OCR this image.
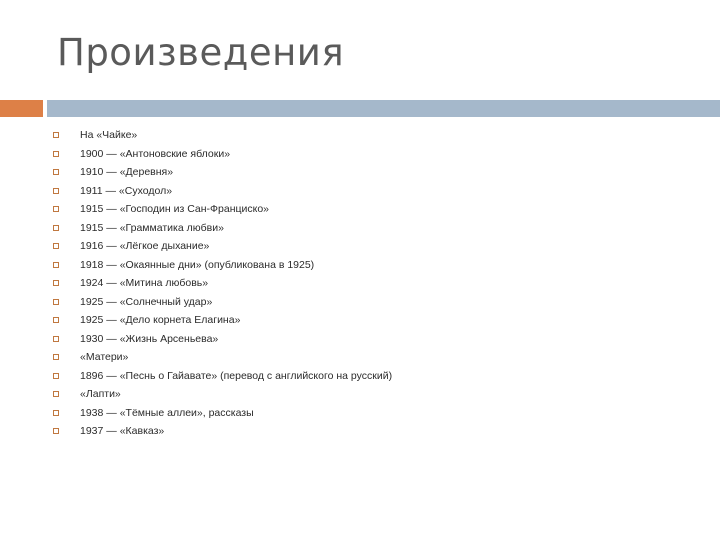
Произведения
На «Чайке»
1900 — «Антоновские яблоки»
1910 — «Деревня»
1911 — «Суходол»
1915 — «Господин из Сан-Франциско»
1915 — «Грамматика любви»
1916 — «Лёгкое дыхание»
1918 — «Окаянные дни» (опубликована в 1925)
1924 — «Митина любовь»
1925 — «Солнечный удар»
1925 — «Дело корнета Елагина»
1930 — «Жизнь Арсеньева»
«Матери»
1896 — «Песнь о Гайавате» (перевод с английского на русский)
«Лапти»
1938 — «Тёмные аллеи», рассказы
1937 — «Кавказ»
